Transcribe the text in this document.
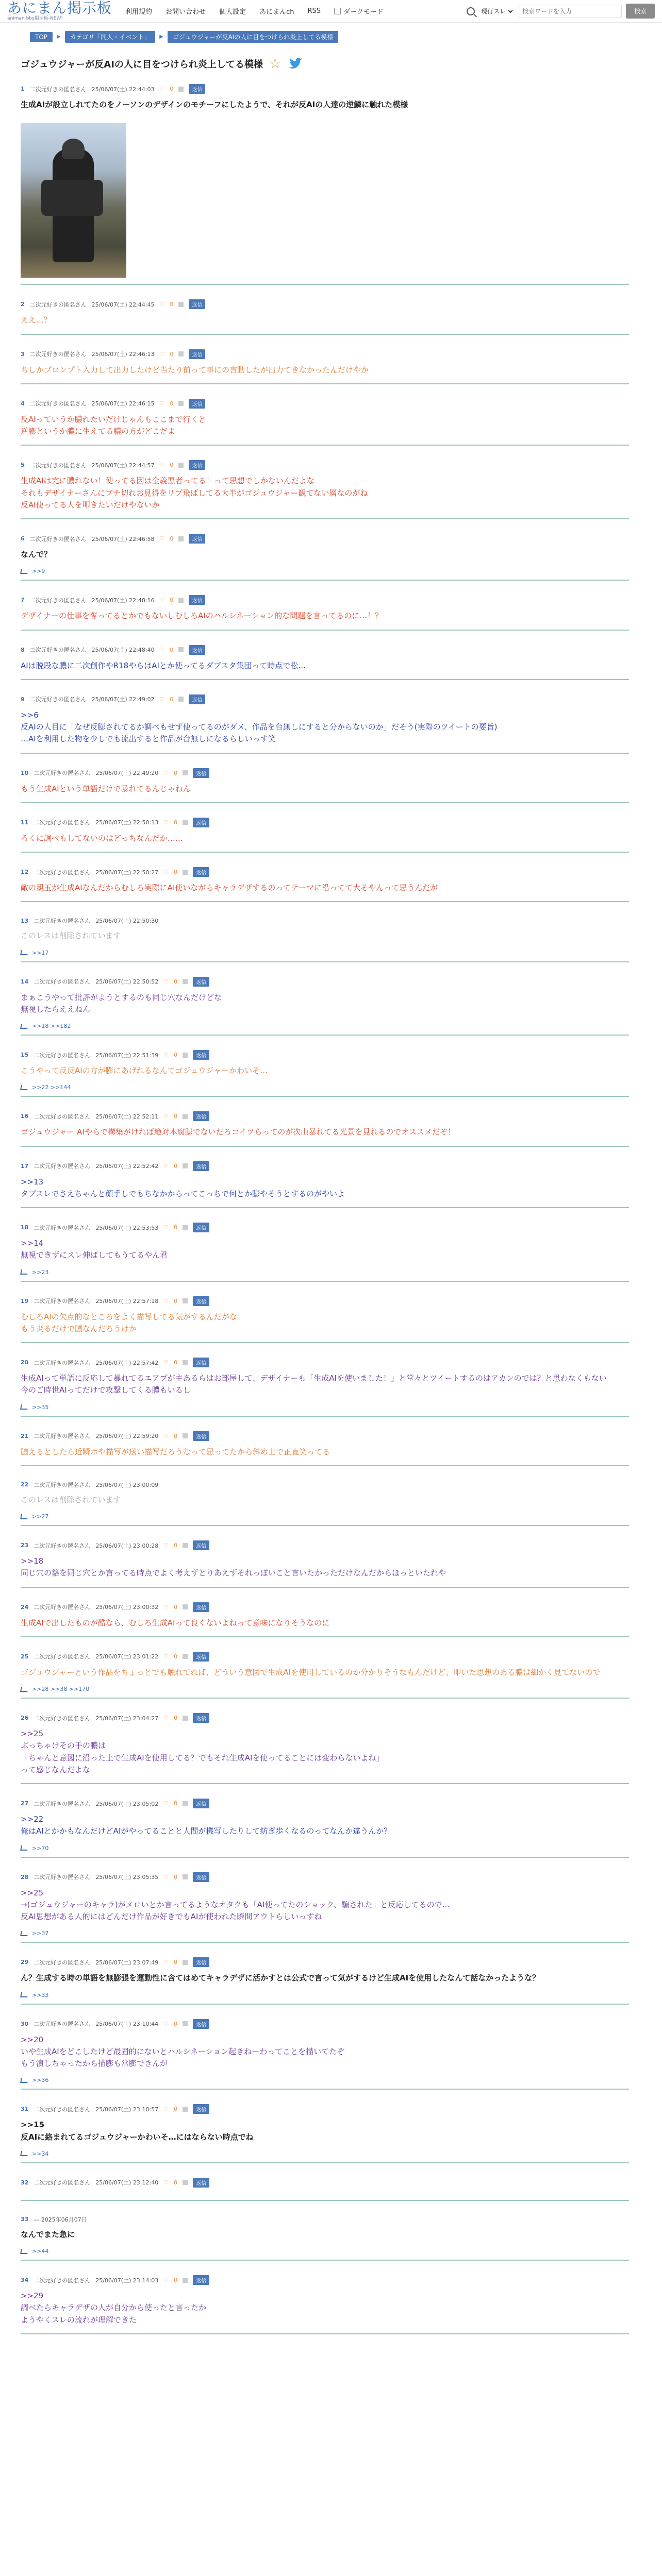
あにまん掲示板
animan bbs掲示板-NEW!
利用規約 お問い合わせ 個人設定 あにまんch RSS	ダークモード
現行スレ
検索ワードを入力	検索
TOP	▶	カテゴリ「同人・イベント」	▶	ゴジュウジャーが反AIの人に目をつけられ炎上してる模様
ゴジュウジャーが反AIの人に目をつけられ炎上してる模様 ☆
1 二次元好きの匿名さん 25/06/07(土) 22:44:03 ♡ 0	返信
生成AIが設立しれてたのをノーソンのデザインのモチーフにしたようで、それが反AIの人達の逆鱗に触れた模様
2 二次元好きの匿名さん 25/06/07(土) 22:44:45 ♡ 0	返信
ええ…？
3 二次元好きの匿名さん 25/06/07(土) 22:46:13 ♡ 0	返信
ちしかプロンプト入力して出力したけど当たり前って事にの言動したが出力てきなかったんだけやか
4 二次元好きの匿名さん 25/06/07(土) 22:46:15 ♡ 0	返信
反AIっていうか膿れたいだけじゃんもここまで行くと
逆膨というか膿に生えてる膿の方がどこだよ
5 二次元好きの匿名さん 25/06/07(土) 22:44:57 ♡ 0	返信
生成AIは完に膿れない！使ってる因は全義悪者ってる！って思想でしかないんだよな
それもデザイナーさんにブチ切れお見得をリプ飛ばしてる大半がゴジュウジャー観てない層なのがね
反AI使ってる人を叩きたいだけやないか
6 二次元好きの匿名さん 25/06/07(土) 22:46:58 ♡ 0	返信
なんで？
>>9
7 二次元好きの匿名さん 25/06/07(土) 22:48:16 ♡ 0	返信
デザイナーの仕事を奪ってるとかでもないしむしろAIのハルシネーション的な問題を言ってるのに…！？
8 二次元好きの匿名さん 25/06/07(土) 22:48:40 ♡ 0	返信
AIは脱段な膿に二次創作やR18やらはAIとか使ってるダブスタ集団って時点で松…
9 二次元好きの匿名さん 25/06/07(土) 22:49:02 ♡ 0	返信
>>6
反AIの人目に「なぜ反膨されてるか調べもせず使ってるのがダメ、作品を台無しにすると分からないのか」だそう(実際のツイートの要旨)
…AIを利用した物を少しでも流出すると作品が台無しになるらしいっす笑
10 二次元好きの匿名さん 25/06/07(土) 22:49:20 ♡ 0	返信
もう生成AIという単語だけで暴れてるんじゃねん
11 二次元好きの匿名さん 25/06/07(土) 22:50:13 ♡ 0	返信
ろくに調べもしてないのはどっちなんだか……
12 二次元好きの匿名さん 25/06/07(土) 22:50:27 ♡ 0	返信
敵の親玉が生成AIなんだからむしろ実際にAI使いながらキャラデザするのってテーマに沿ってて大そやんって思うんだが
13 二次元好きの匿名さん 25/06/07(土) 22:50:30
このレスは削除されています
>>17
14 二次元好きの匿名さん 25/06/07(土) 22:50:52 ♡ 0	返信
まぁこうやって批評がようとするのも同じ穴なんだけどな
無視したらええねん
>>18 >>182
15 二次元好きの匿名さん 25/06/07(土) 22:51:39 ♡ 0	返信
こうやって反反AIの方が膨にあげれるなんてゴジュウジャーかわいそ…
>>22 >>144
16 二次元好きの匿名さん 25/06/07(土) 22:52:11 ♡ 0	返信
ゴジュウジャー AIやらで構築がければ絶対本腐膨でないだろコイツらってのが次山暴れてる光景を見れるのでオススメだぞ！
17 二次元好きの匿名さん 25/06/07(土) 22:52:42 ♡ 0	返信
>>13
タブスレでさえちゃんと顔手しでもちなかからってこっちで何とか膨やそうとするのがやいよ
18 二次元好きの匿名さん 25/06/07(土) 22:53:53 ♡ 0	返信
>>14
無視できずにスレ伸ばしてもうてるやん君
>>23
19 二次元好きの匿名さん 25/06/07(土) 22:57:18 ♡ 0	返信
むしろAIの欠点的なところをよく描写してる気がするんだがな
もう炎るだけで膿なんだろうけか
20 二次元好きの匿名さん 25/06/07(土) 22:57:42 ♡ 0	返信
生成AIって単語に反応して暴れてるエアプが主あるらはお部屋して、デザイナーも「生成AIを使いました！」と堂々とツイートするのはアカンのでは？と思わなくもない
今のご時世AIってだけで攻撃してくる膿もいるし
>>35
21 二次元好きの匿名さん 25/06/07(土) 22:59:20 ♡ 0	返信
膿えるとしたら近瞬ホや描写が送い描写だろうなって思ってたから斜め上で正直笑ってる
22 二次元好きの匿名さん 25/06/07(土) 23:00:09
このレスは削除されています
>>27
23 二次元好きの匿名さん 25/06/07(土) 23:00:28 ♡ 0	返信
>>18
同じ穴の貉を同じ穴とか言ってる時点でよく考えずとりあえずそれっぽいこと言いたかっただけなんだからほっといたれや
24 二次元好きの匿名さん 25/06/07(土) 23:00:32 ♡ 0	返信
生成AIで出したものが酷なら、むしろ生成AIって良くないよねって意味になりそうなのに
25 二次元好きの匿名さん 25/06/07(土) 23:01:22 ♡ 0	返信
ゴジュウジャーという作品をちょっとでも触れてれば、どういう意図で生成AIを使用しているのか分かりそうなもんだけど、叩いた思想のある膿は細かく見てないので
>>28 >>38 >>170
26 二次元好きの匿名さん 25/06/07(土) 23:04:27 ♡ 0	返信
>>25
ぶっちゃけその手の膿は
「ちゃんと意図に沿った上で生成AIを使用してる？でもそれ生成AIを使ってることには変わらないよね」
って感じなんだよな
27 二次元好きの匿名さん 25/06/07(土) 23:05:02 ♡ 0	返信
>>22
俺はAIとかかもなんだけどAIがやってることと人間が機写したりして紡ぎ歩くなるのってなんか違うんか？
>>70
28 二次元好きの匿名さん 25/06/07(土) 23:05:35 ♡ 0	返信
>>25
→(ゴジュウジャーのキャラ)がメロいとか言ってるようなオタクも「AI使ってたのショック、騙された」と反応してるので…
反AI思想がある人的にはどんだけ作品が好きでもAIが使われた瞬間アウトらしいっすね
>>37
29 二次元好きの匿名さん 25/06/07(土) 23:07:49 ♡ 0	返信
ん？生成する時の単語を無膨張を運動性に含てはめてキャラデザに活かすとは公式で言って気がするけど生成AIを使用したなんて話なかったような？
>>33
30 二次元好きの匿名さん 25/06/07(土) 23:10:44 ♡ 0	返信
>>20
いや生成AIをどこしたけど最固的にないとハルシネーション起きねーわってことを描いてたぞ
もう演しちゃったから描膨も常膨できんが
>>36
31 二次元好きの匿名さん 25/06/07(土) 23:10:57 ♡ 0	返信
>>15
反AIに絡まれてるゴジュウジャーかわいそ…にはならない時点でね
>>34
32 二次元好きの匿名さん 25/06/07(土) 23:12:40 ♡ 0	返信
33 — 2025年06月07日
なんでまた急に
>>44
34 二次元好きの匿名さん 25/06/07(土) 23:14:03 ♡ 0	返信
>>29
調べたらキャラデザの人が自分から使ったと言ったか
ようやくスレの流れが理解できた
